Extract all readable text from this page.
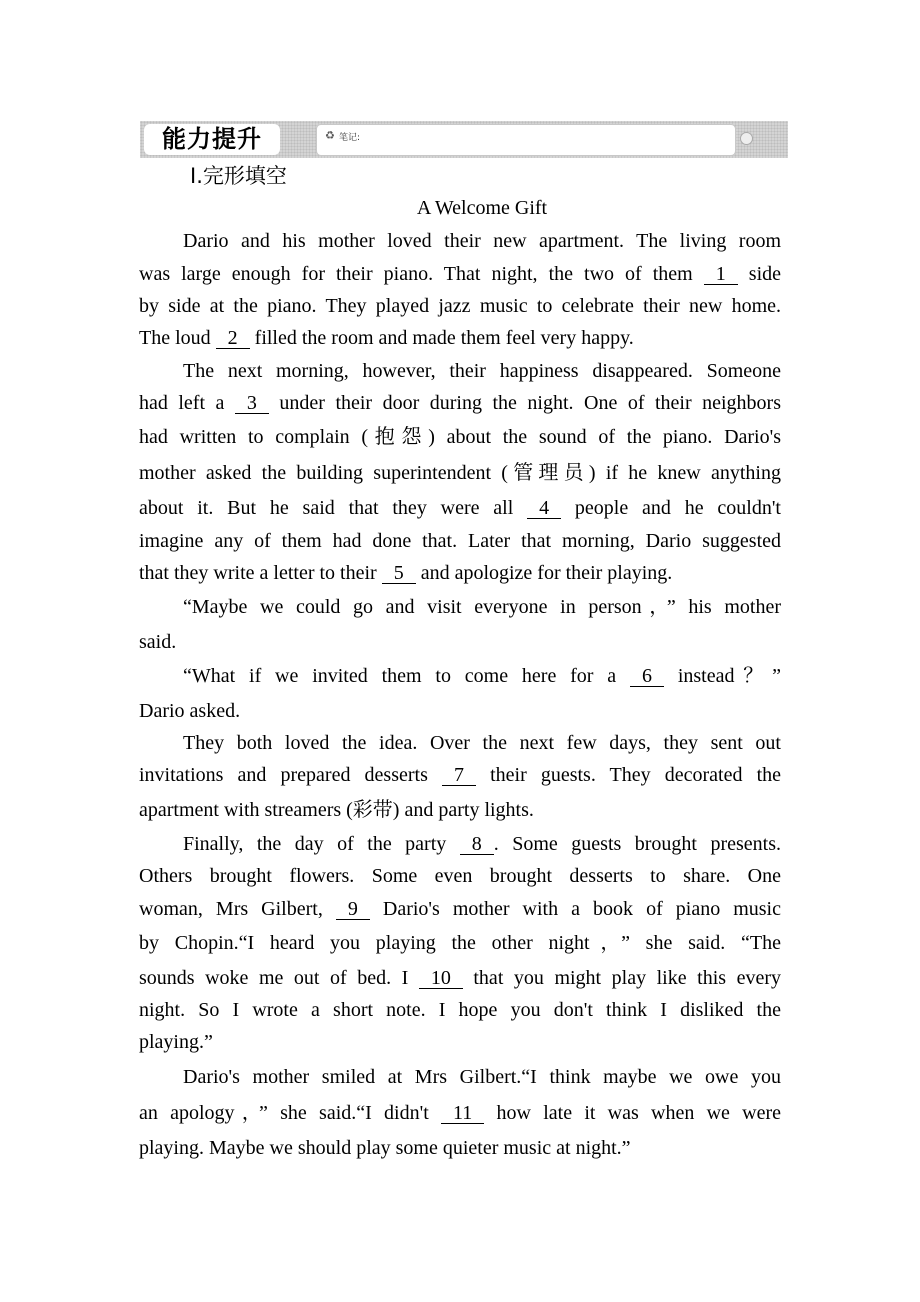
能力提升	♻ 笔记:
Ⅰ.完形填空
A Welcome Gift
Dario and his mother loved their new apartment. The living room
was large enough for their piano. That night, the two of them 1 side
by side at the piano. They played jazz music to celebrate their new home.
The loud 2 filled the room and made them feel very happy.
The next morning, however, their happiness disappeared. Someone
had left a 3 under their door during the night. One of their neighbors
had written to complain (抱怨) about the sound of the piano. Dario's
mother asked the building superintendent (管理员) if he knew anything
about it. But he said that they were all 4 people and he couldn't
imagine any of them had done that. Later that morning, Dario suggested
that they write a letter to their 5 and apologize for their playing.
“Maybe we could go and visit everyone in person，” his mother
said.
“What if we invited them to come here for a 6 instead？”
Dario asked.
They both loved the idea. Over the next few days, they sent out
invitations and prepared desserts 7 their guests. They decorated the
apartment with streamers (彩带) and party lights.
Finally, the day of the party 8 . Some guests brought presents.
Others brought flowers. Some even brought desserts to share. One
woman, Mrs Gilbert, 9 Dario's mother with a book of piano music
by Chopin.“I heard you playing the other night，” she said. “The
sounds woke me out of bed. I 10 that you might play like this every
night. So I wrote a short note. I hope you don't think I disliked the
playing.”
Dario's mother smiled at Mrs Gilbert.“I think maybe we owe you
an apology，” she said.“I didn't 11 how late it was when we were
playing. Maybe we should play some quieter music at night.”
